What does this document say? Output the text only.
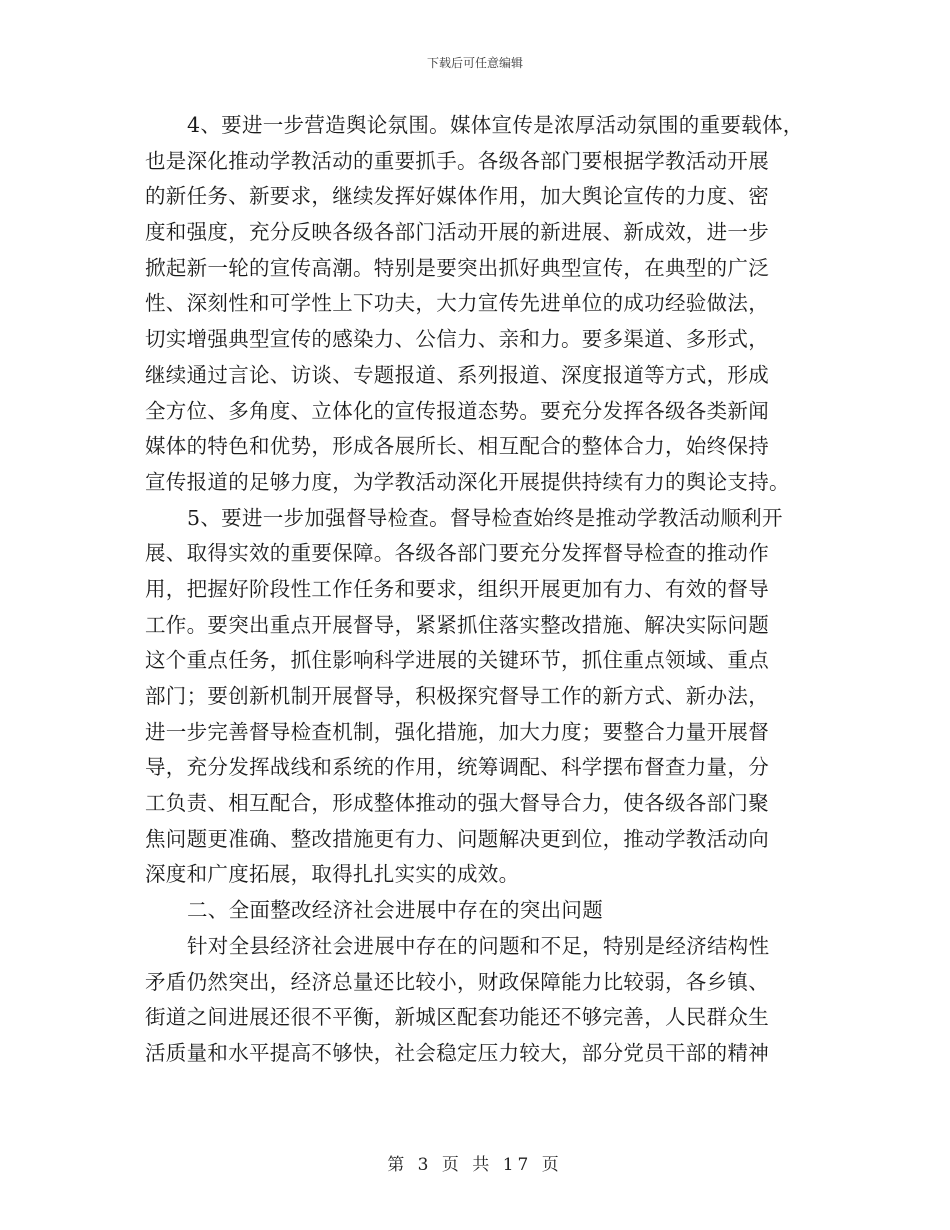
下载后可任意编辑
4、要进一步营造舆论氛围。媒体宣传是浓厚活动氛围的重要载体，
也是深化推动学教活动的重要抓手。各级各部门要根据学教活动开展
的新任务、新要求，继续发挥好媒体作用，加大舆论宣传的力度、密
度和强度，充分反映各级各部门活动开展的新进展、新成效，进一步
掀起新一轮的宣传高潮。特别是要突出抓好典型宣传，在典型的广泛
性、深刻性和可学性上下功夫，大力宣传先进单位的成功经验做法，
切实增强典型宣传的感染力、公信力、亲和力。要多渠道、多形式，
继续通过言论、访谈、专题报道、系列报道、深度报道等方式，形成
全方位、多角度、立体化的宣传报道态势。要充分发挥各级各类新闻
媒体的特色和优势，形成各展所长、相互配合的整体合力，始终保持
宣传报道的足够力度，为学教活动深化开展提供持续有力的舆论支持。
5、要进一步加强督导检查。督导检查始终是推动学教活动顺利开
展、取得实效的重要保障。各级各部门要充分发挥督导检查的推动作
用，把握好阶段性工作任务和要求，组织开展更加有力、有效的督导
工作。要突出重点开展督导，紧紧抓住落实整改措施、解决实际问题
这个重点任务，抓住影响科学进展的关键环节，抓住重点领域、重点
部门；要创新机制开展督导，积极探究督导工作的新方式、新办法，
进一步完善督导检查机制，强化措施，加大力度；要整合力量开展督
导，充分发挥战线和系统的作用，统筹调配、科学摆布督查力量，分
工负责、相互配合，形成整体推动的强大督导合力，使各级各部门聚
焦问题更准确、整改措施更有力、问题解决更到位，推动学教活动向
深度和广度拓展，取得扎扎实实的成效。
二、全面整改经济社会进展中存在的突出问题
针对全县经济社会进展中存在的问题和不足，特别是经济结构性
矛盾仍然突出，经济总量还比较小，财政保障能力比较弱，各乡镇、
街道之间进展还很不平衡，新城区配套功能还不够完善，人民群众生
活质量和水平提高不够快，社会稳定压力较大，部分党员干部的精神
第 3 页 共 17 页
